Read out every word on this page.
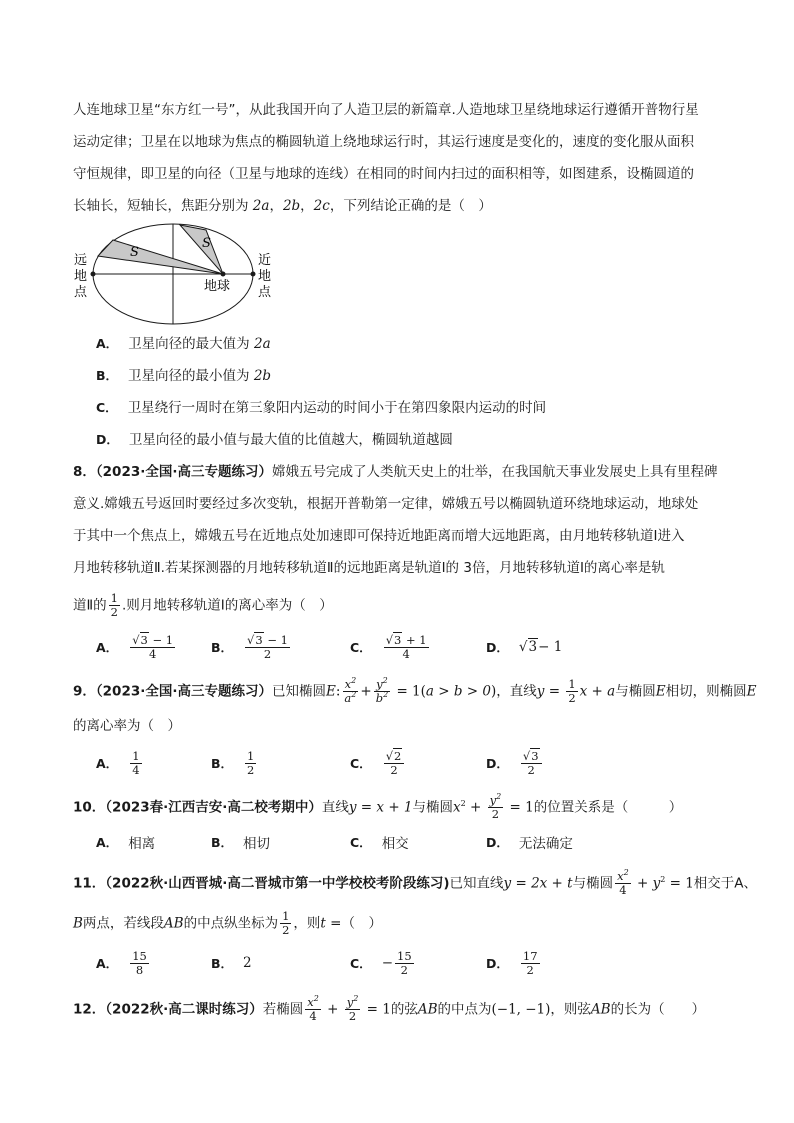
人连地球卫星“东方红一号”，从此我国开向了人造卫层的新篇章.人造地球卫星绕地球运行遵循开普物行星
运动定律；卫星在以地球为焦点的椭圆轨道上绕地球运行时，其运行速度是变化的，速度的变化服从面积
守恒规律，即卫星的向径（卫星与地球的连线）在相同的时间内扫过的面积相等，如图建系，设椭圆道的
长轴长，短轴长，焦距分别为 2a，2b，2c，下列结论正确的是（　）
S
S
远
地
点
近
地
点
地球
A． 卫星向径的最大值为 2a
B． 卫星向径的最小值为 2b
C． 卫星绕行一周时在第三象阳内运动的时间小于在第四象限内运动的时间
D． 卫星向径的最小值与最大值的比值越大，椭圆轨道越圆
8．（2023·全国·高三专题练习）嫦娥五号完成了人类航天史上的壮举，在我国航天事业发展史上具有里程碑
意义.嫦娥五号返回时要经过多次变轨，根据开普勒第一定律，嫦娥五号以椭圆轨道环绕地球运动，地球处
于其中一个焦点上，嫦娥五号在近地点处加速即可保持近地距离而增大远地距离，由月地转移轨道Ⅰ进入
月地转移轨道Ⅱ.若某探测器的月地转移轨道Ⅱ的远地距离是轨道Ⅰ的 3倍，月地转移轨道Ⅰ的离心率是轨
道Ⅱ的 $\frac{1}{2}$ .则月地转移轨道Ⅰ的离心率为（　）
A． $\frac{√3 - 1}{4}$	B． $\frac{√3 - 1}{2}$	C． $\frac{√3 + 1}{4}$	D． √3 − 1
9．（2023·全国·高三专题练习）已知椭圆E: $\frac{x^2}{a^2} + \frac{y^2}{b^2} = 1(a > b > 0)$，直线$y = \frac{1}{2}$ x + a与椭圆E相切，则椭圆E
的离心率为（　）
A． $\frac{1}{4}$	B． $\frac{1}{2}$	C． $\frac{√2}{2}$	D． $\frac{√3}{2}$
10．（2023春·江西吉安·高二校考期中）直线y = x + 1与椭圆$x^2 + \frac{y^2}{2} = 1$的位置关系是（　　　）
A． 相离	B． 相切	C． 相交	D． 无法确定
11．（2022秋·山西晋城·高二晋城市第一中学校校考阶段练习)已知直线y = 2x + t与椭圆 $\frac{x^2}{4} + y^2 = 1$相交于A、
B两点，若线段AB的中点纵坐标为 $\frac{1}{2}$ ，则t =（　）
A． $\frac{15}{8}$	B． 2	C． − $\frac{15}{2}$	D． $\frac{17}{2}$
12．（2022秋·高二课时练习）若椭圆 $\frac{x^2}{4} + \frac{y^2}{2} = 1$的弦AB的中点为(−1, −1)，则弦AB的长为（　　）
